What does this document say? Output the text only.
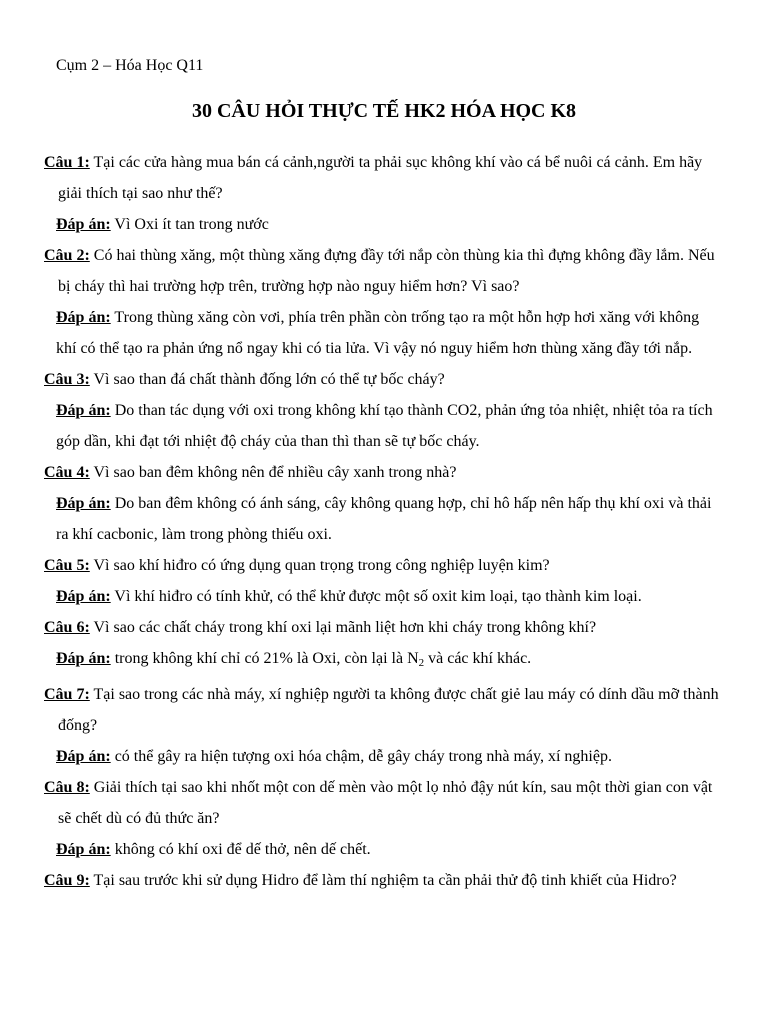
Cụm 2 – Hóa Học Q11
30 CÂU HỎI THỰC TẾ HK2 HÓA HỌC K8

Câu 1: Tại các cửa hàng mua bán cá cảnh,người ta phải sục không khí vào cá bể nuôi cá cảnh. Em hãy giải thích tại sao như thế?

Đáp án: Vì Oxi ít tan trong nước

Câu 2: Có hai thùng xăng, một thùng xăng đựng đầy tới nắp còn thùng kia thì đựng không đầy lắm. Nếu bị cháy thì hai trường hợp trên, trường hợp nào nguy hiểm hơn? Vì sao?

Đáp án: Trong thùng xăng còn vơi, phía trên phần còn trống tạo ra một hỗn hợp hơi xăng với không khí có thể tạo ra phản ứng nổ ngay khi có tia lửa. Vì vậy nó nguy hiểm hơn thùng xăng đầy tới nắp.

Câu 3: Vì sao than đá chất thành đống lớn có thể tự bốc cháy?

Đáp án: Do than tác dụng với oxi trong không khí tạo thành CO2, phản ứng tỏa nhiệt, nhiệt tỏa ra tích góp dần, khi đạt tới nhiệt độ cháy của than thì than sẽ tự bốc cháy.

Câu 4: Vì sao ban đêm không nên để nhiều cây xanh trong nhà?

Đáp án: Do ban đêm không có ánh sáng, cây không quang hợp, chỉ hô hấp nên hấp thụ khí oxi và thải ra khí cacbonic, làm trong phòng thiếu oxi.

Câu 5: Vì sao khí hiđro có ứng dụng quan trọng trong công nghiệp luyện kim?

Đáp án: Vì khí hiđro có tính khử, có thể khử được một số oxit kim loại, tạo thành kim loại.

Câu 6: Vì sao các chất cháy trong khí oxi lại mãnh liệt hơn khi cháy trong không khí?

Đáp án: trong không khí chỉ có 21% là Oxi, còn lại là $N_2$ và các khí khác.

Câu 7: Tại sao trong các nhà máy, xí nghiệp người ta không được chất giẻ lau máy có dính dầu mỡ thành đống?

Đáp án: có thể gây ra hiện tượng oxi hóa chậm, dễ gây cháy trong nhà máy, xí nghiệp.

Câu 8: Giải thích tại sao khi nhốt một con dế mèn vào một lọ nhỏ đậy nút kín, sau một thời gian con vật sẽ chết dù có đủ thức ăn?

Đáp án: không có khí oxi để dế thở, nên dế chết.

Câu 9: Tại sau trước khi sử dụng Hidro để làm thí nghiệm ta cần phải thử độ tinh khiết của Hidro?
